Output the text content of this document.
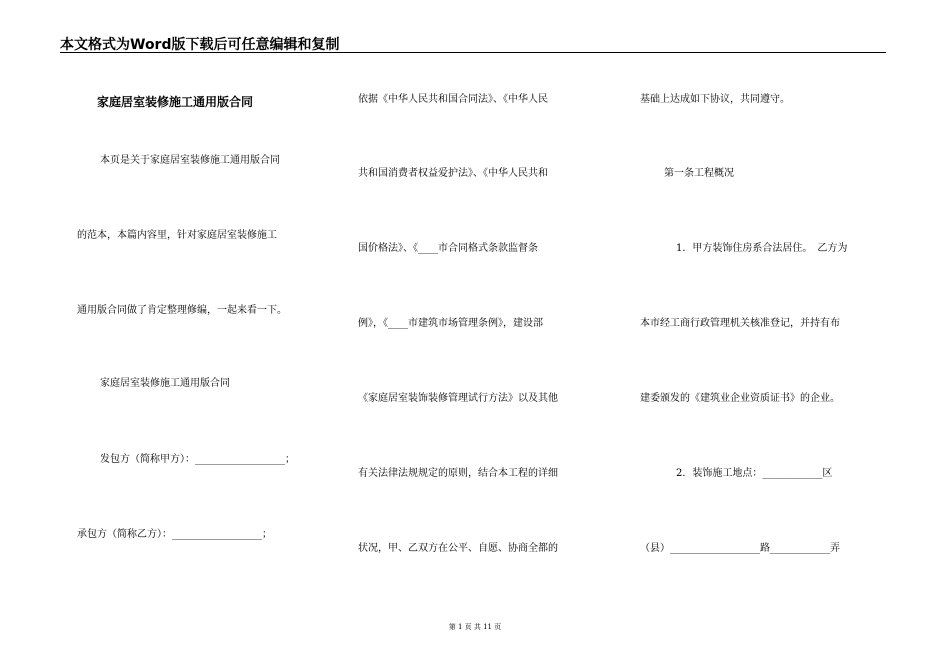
本文格式为Word版下载后可任意编辑和复制
家庭居室装修施工通用版合同
本页是关于家庭居室装修施工通用版合同
的范本，本篇内容里，针对家庭居室装修施工
通用版合同做了肯定整理修编，一起来看一下。
家庭居室装修施工通用版合同
发包方（简称甲方）：__________________；
承包方（简称乙方）：__________________；
依据《中华人民共和国合同法》、《中华人民
共和国消费者权益爱护法》、《中华人民共和
国价格法》、《____市合同格式条款监督条
例》，《____市建筑市场管理条例》，建设部
《家庭居室装饰装修管理试行方法》以及其他
有关法律法规规定的原则，结合本工程的详细
状况，甲、乙双方在公平、自愿、协商全都的
基础上达成如下协议，共同遵守。
第一条工程概况
1．甲方装饰住房系合法居住。　乙方为
本市经工商行政管理机关核准登记，并持有布
建委颁发的《建筑业企业资质证书》的企业。
2．装饰施工地点：____________区
（县）__________________路____________弄
第 1 页 共 11 页
